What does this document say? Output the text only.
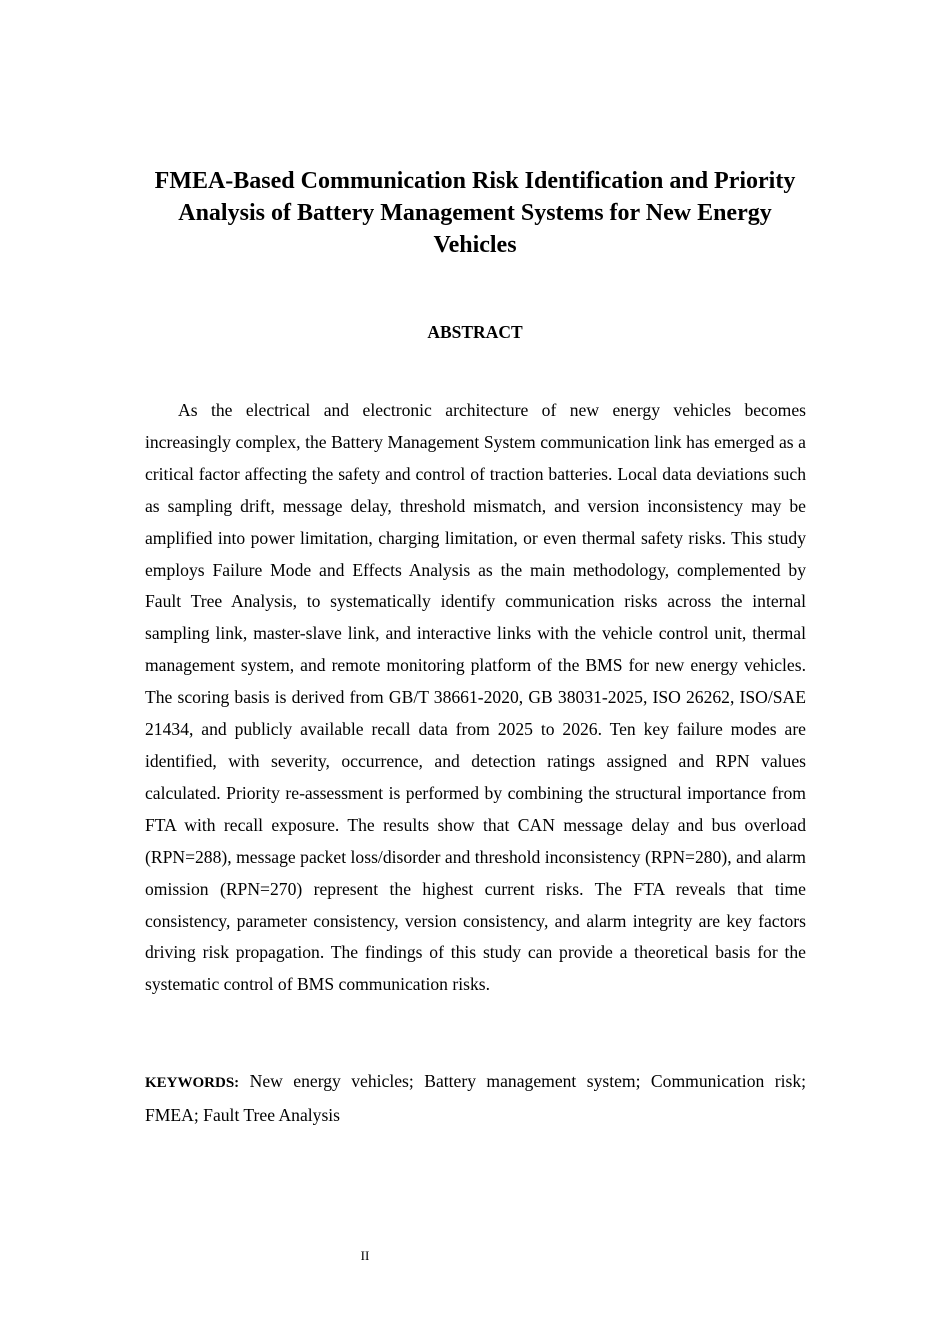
FMEA-Based Communication Risk Identification and Priority Analysis of Battery Management Systems for New Energy Vehicles
ABSTRACT

As the electrical and electronic architecture of new energy vehicles becomes increasingly complex, the Battery Management System communication link has emerged as a critical factor affecting the safety and control of traction batteries. Local data deviations such as sampling drift, message delay, threshold mismatch, and version inconsistency may be amplified into power limitation, charging limitation, or even thermal safety risks. This study employs Failure Mode and Effects Analysis as the main methodology, complemented by Fault Tree Analysis, to systematically identify communication risks across the internal sampling link, master-slave link, and interactive links with the vehicle control unit, thermal management system, and remote monitoring platform of the BMS for new energy vehicles. The scoring basis is derived from GB/T 38661-2020, GB 38031-2025, ISO 26262, ISO/SAE 21434, and publicly available recall data from 2025 to 2026. Ten key failure modes are identified, with severity, occurrence, and detection ratings assigned and RPN values calculated. Priority re-assessment is performed by combining the structural importance from FTA with recall exposure. The results show that CAN message delay and bus overload (RPN=288), message packet loss/disorder and threshold inconsistency (RPN=280), and alarm omission (RPN=270) represent the highest current risks. The FTA reveals that time consistency, parameter consistency, version consistency, and alarm integrity are key factors driving risk propagation. The findings of this study can provide a theoretical basis for the systematic control of BMS communication risks.

KEYWORDS: New energy vehicles; Battery management system; Communication risk; FMEA; Fault Tree Analysis

II
